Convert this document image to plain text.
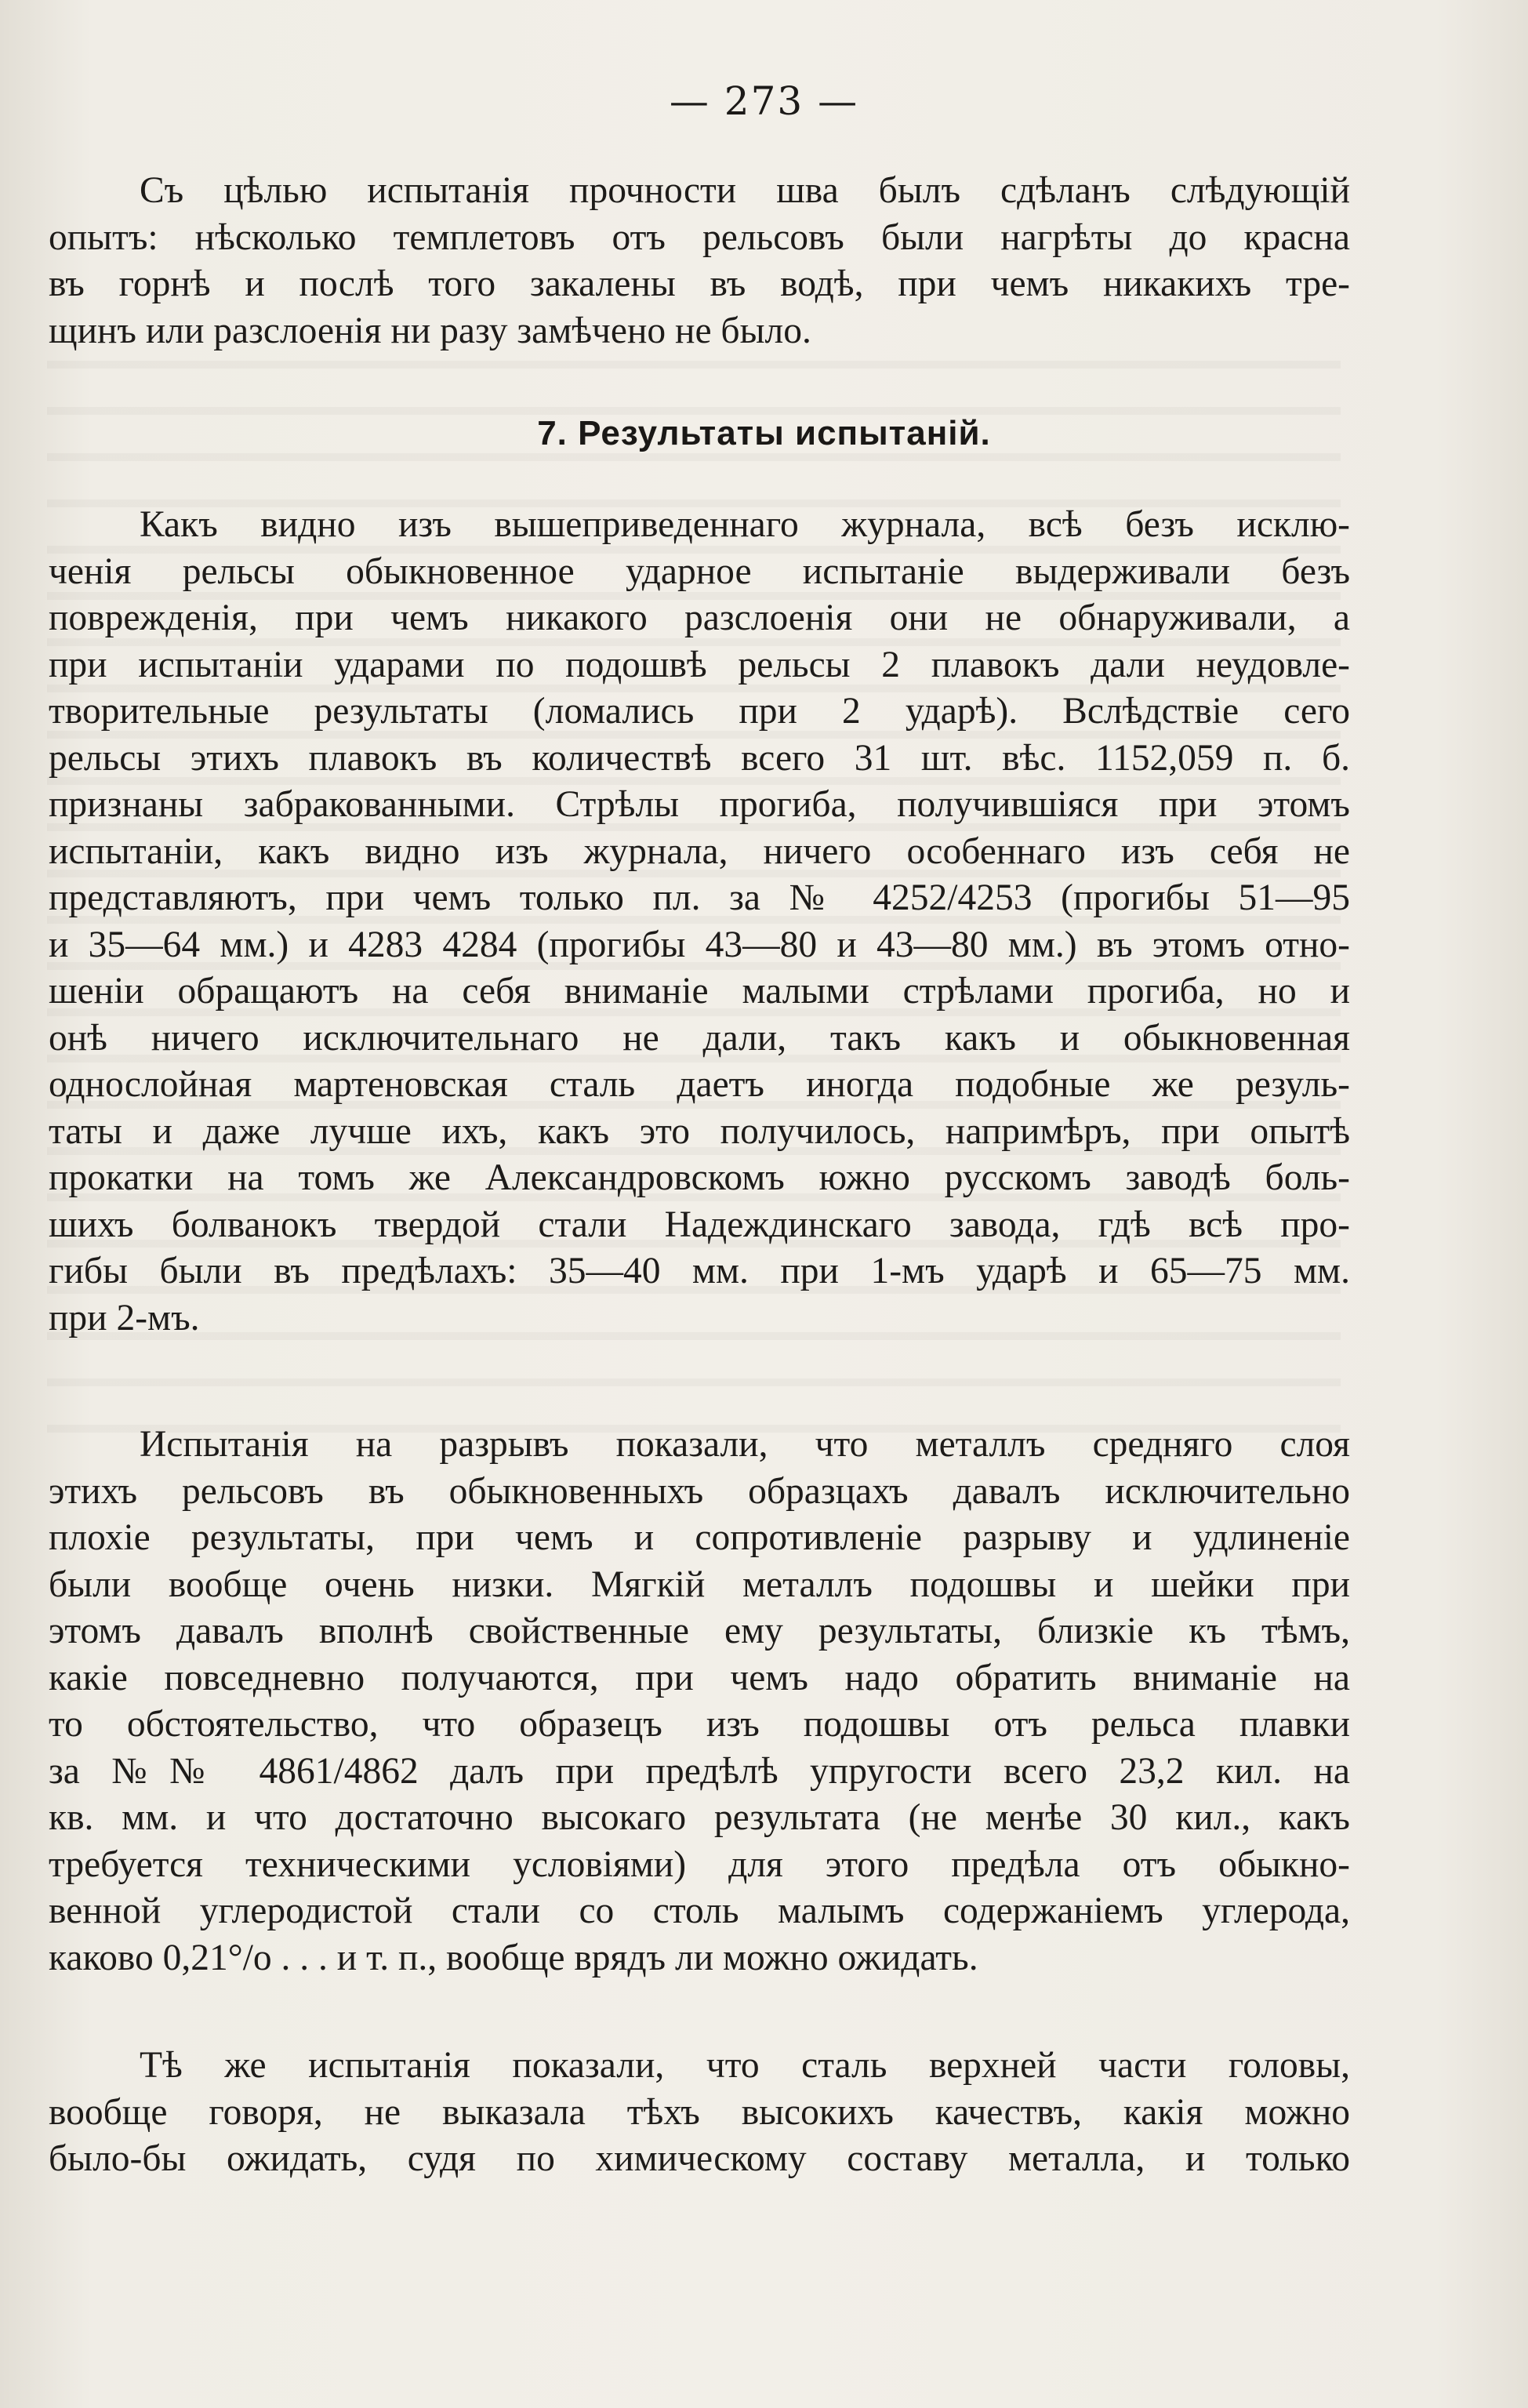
— 273 —
Съ цѣлью испытанія прочности шва былъ сдѣланъ слѣдующій
опытъ: нѣсколько темплетовъ отъ рельсовъ были нагрѣты до красна
въ горнѣ и послѣ того закалены въ водѣ, при чемъ никакихъ тре-
щинъ или разслоенія ни разу замѣчено не было.
7. Результаты испытаній.
Какъ видно изъ вышеприведеннаго журнала, всѣ безъ исклю-
ченія рельсы обыкновенное ударное испытаніе выдерживали безъ
поврежденія, при чемъ никакого разслоенія они не обнаруживали, а
при испытаніи ударами по подошвѣ рельсы 2 плавокъ дали неудовле-
творительные результаты (ломались при 2 ударѣ). Вслѣдствіе сего
рельсы этихъ плавокъ въ количествѣ всего 31 шт. вѣс. 1152,059 п. б.
признаны забракованными. Стрѣлы прогиба, получившіяся при этомъ
испытаніи, какъ видно изъ журнала, ничего особеннаго изъ себя не
представляютъ, при чемъ только пл. за № 4252/4253 (прогибы 51—95
и 35—64 мм.) и 4283 4284 (прогибы 43—80 и 43—80 мм.) въ этомъ отно-
шеніи обращаютъ на себя вниманіе малыми стрѣлами прогиба, но и
онѣ ничего исключительнаго не дали, такъ какъ и обыкновенная
однослойная мартеновская сталь даетъ иногда подобные же резуль-
таты и даже лучше ихъ, какъ это получилось, напримѣръ, при опытѣ
прокатки на томъ же Александровскомъ южно русскомъ заводѣ боль-
шихъ болванокъ твердой стали Надеждинскаго завода, гдѣ всѣ про-
гибы были въ предѣлахъ: 35—40 мм. при 1-мъ ударѣ и 65—75 мм.
при 2-мъ.
Испытанія на разрывъ показали, что металлъ средняго слоя
этихъ рельсовъ въ обыкновенныхъ образцахъ давалъ исключительно
плохіе результаты, при чемъ и сопротивленіе разрыву и удлиненіе
были вообще очень низки. Мягкій металлъ подошвы и шейки при
этомъ давалъ вполнѣ свойственные ему результаты, близкіе къ тѣмъ,
какіе повседневно получаются, при чемъ надо обратить вниманіе на
то обстоятельство, что образецъ изъ подошвы отъ рельса плавки
за №№ 4861/4862 далъ при предѣлѣ упругости всего 23,2 кил. на
кв. мм. и что достаточно высокаго результата (не менѣе 30 кил., какъ
требуется техническими условіями) для этого предѣла отъ обыкно-
венной углеродистой стали со столь малымъ содержаніемъ углерода,
каково 0,21°/о . . . и т. п., вообще врядъ ли можно ожидать.
Тѣ же испытанія показали, что сталь верхней части головы,
вообще говоря, не выказала тѣхъ высокихъ качествъ, какія можно
было-бы ожидать, судя по химическому составу металла, и только
